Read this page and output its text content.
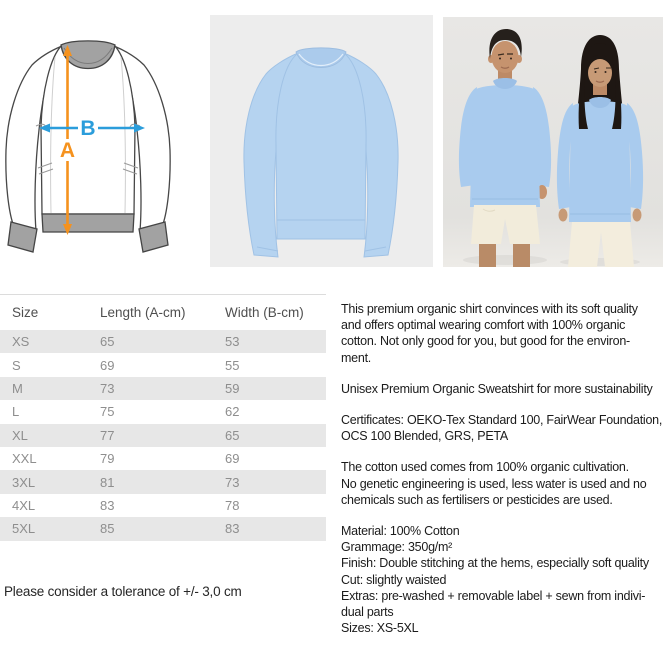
A
B
Size	Length (A-cm)	Width (B-cm)
XS	65	53
S	69	55
M	73	59
L	75	62
XL	77	65
XXL	79	69
3XL	81	73
4XL	83	78
5XL	85	83
Please consider a tolerance of +/- 3,0 cm
This premium organic shirt convinces with its soft quality
and offers optimal wearing comfort with 100% organic
cotton. Not only good for you, but good for the environ-
ment.
Unisex Premium Organic Sweatshirt for more sustainability
Certificates: OEKO-Tex Standard 100, FairWear Foundation,
OCS 100 Blended, GRS, PETA
The cotton used comes from 100% organic cultivation.
No genetic engineering is used, less water is used and no
chemicals such as fertilisers or pesticides are used.
Material: 100% Cotton
Grammage: 350g/m²
Finish: Double stitching at the hems, especially soft quality
Cut: slightly waisted
Extras: pre-washed + removable label + sewn from indivi-
dual parts
Sizes: XS-5XL
